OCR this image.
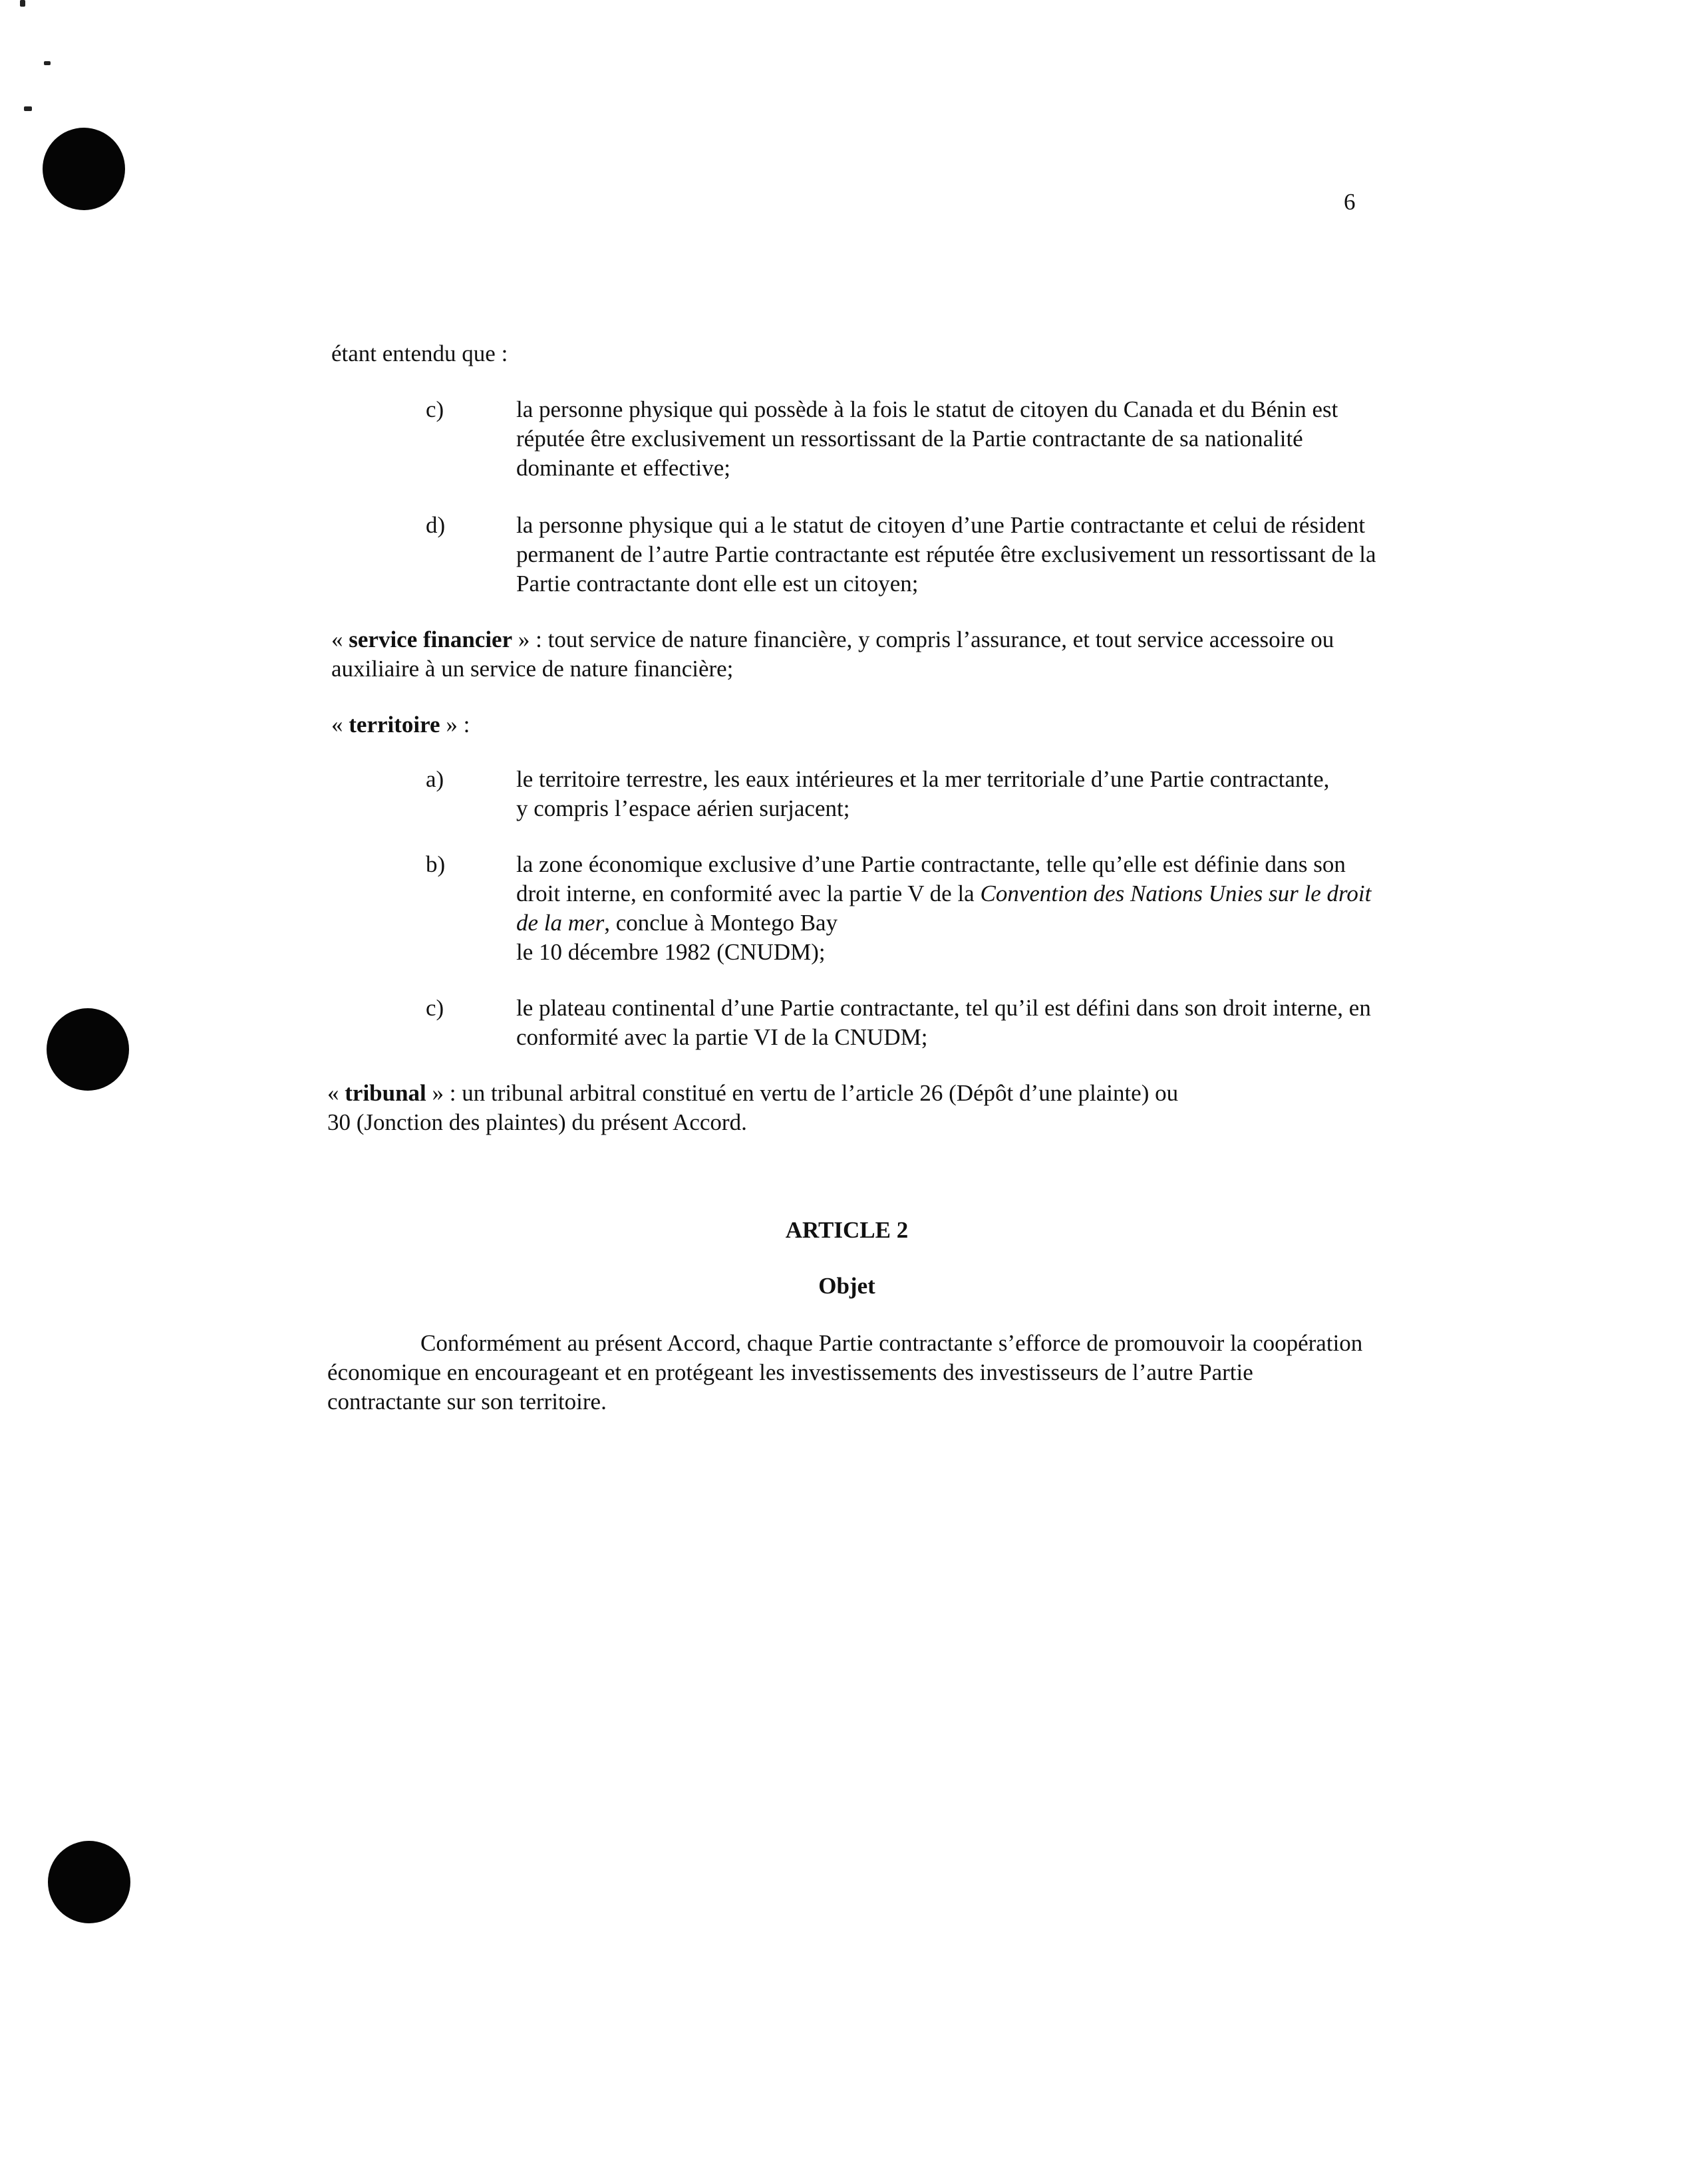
6
étant entendu que :
c)	la personne physique qui possède à la fois le statut de citoyen du Canada et du Bénin est réputée être exclusivement un ressortissant de la Partie contractante de sa nationalité dominante et effective;
d)	la personne physique qui a le statut de citoyen d’une Partie contractante et celui de résident permanent de l’autre Partie contractante est réputée être exclusivement un ressortissant de la Partie contractante dont elle est un citoyen;
« service financier » : tout service de nature financière, y compris l’assurance, et tout service accessoire ou auxiliaire à un service de nature financière;
« territoire » :
a)	le territoire terrestre, les eaux intérieures et la mer territoriale d’une Partie contractante, y compris l’espace aérien surjacent;
b)	la zone économique exclusive d’une Partie contractante, telle qu’elle est définie dans son droit interne, en conformité avec la partie V de la Convention des Nations Unies sur le droit de la mer, conclue à Montego Bay
le 10 décembre 1982 (CNUDM);
c)	le plateau continental d’une Partie contractante, tel qu’il est défini dans son droit interne, en conformité avec la partie VI de la CNUDM;
« tribunal » : un tribunal arbitral constitué en vertu de l’article 26 (Dépôt d’une plainte) ou
30 (Jonction des plaintes) du présent Accord.
ARTICLE 2
Objet
Conformément au présent Accord, chaque Partie contractante s’efforce de promouvoir la coopération économique en encourageant et en protégeant les investissements des investisseurs de l’autre Partie contractante sur son territoire.
